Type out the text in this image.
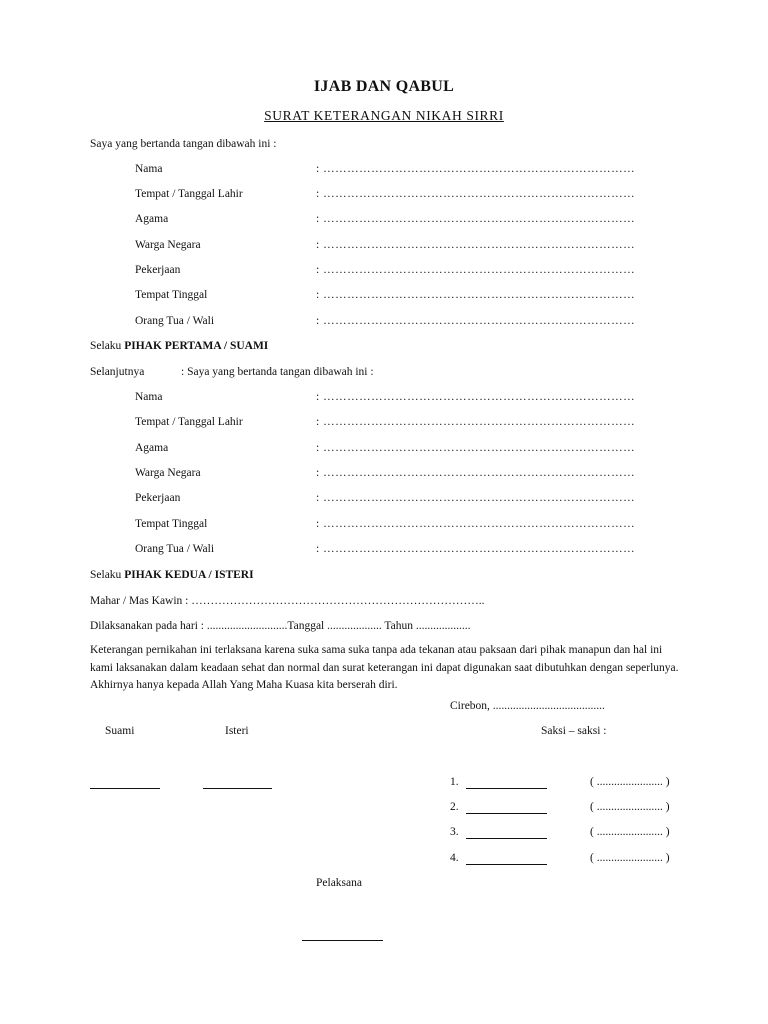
IJAB DAN QABUL
SURAT KETERANGAN NIKAH SIRRI
Saya yang bertanda tangan dibawah ini :
Nama	: ……………………………………………………………………
Tempat / Tanggal Lahir	: ……………………………………………………………………
Agama	: ……………………………………………………………………
Warga Negara	: ……………………………………………………………………
Pekerjaan	: ……………………………………………………………………
Tempat Tinggal	: ……………………………………………………………………
Orang Tua / Wali	: ……………………………………………………………………
Selaku PIHAK PERTAMA / SUAMI
Selanjutnya	: Saya yang bertanda tangan dibawah ini :
Nama	: ……………………………………………………………………
Tempat / Tanggal Lahir	: ……………………………………………………………………
Agama	: ……………………………………………………………………
Warga Negara	: ……………………………………………………………………
Pekerjaan	: ……………………………………………………………………
Tempat Tinggal	: ……………………………………………………………………
Orang Tua / Wali	: ……………………………………………………………………
Selaku PIHAK KEDUA / ISTERI
Mahar / Mas Kawin : …………………………………………………………………..
Dilaksanakan pada hari : ............................Tanggal ................... Tahun ...................
Keterangan pernikahan ini terlaksana karena suka sama suka tanpa ada tekanan atau paksaan dari pihak manapun dan hal ini kami laksanakan dalam keadaan sehat dan normal dan surat keterangan ini dapat digunakan saat dibutuhkan dengan seperlunya. Akhirnya hanya kepada Allah Yang Maha Kuasa kita berserah diri.
Cirebon, .......................................
Suami	Isteri	Saksi – saksi :
1.	( ....................... )
2.	( ....................... )
3.	( ....................... )
4.	( ....................... )
Pelaksana
